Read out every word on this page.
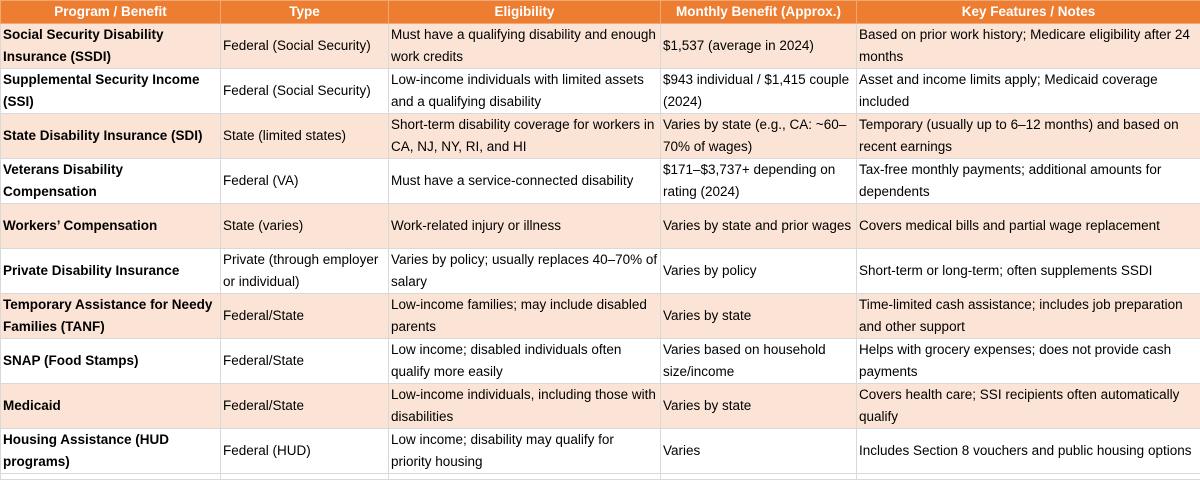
Program / Benefit	Type	Eligibility	Monthly Benefit (Approx.)	Key Features / Notes
Social Security Disability Insurance (SSDI)	Federal (Social Security)	Must have a qualifying disability and enough work credits	$1,537 (average in 2024)	Based on prior work history; Medicare eligibility after 24 months
Supplemental Security Income (SSI)	Federal (Social Security)	Low-income individuals with limited assets and a qualifying disability	$943 individual / $1,415 couple (2024)	Asset and income limits apply; Medicaid coverage included
State Disability Insurance (SDI)	State (limited states)	Short-term disability coverage for workers in CA, NJ, NY, RI, and HI	Varies by state (e.g., CA: ~60–70% of wages)	Temporary (usually up to 6–12 months) and based on recent earnings
Veterans Disability Compensation	Federal (VA)	Must have a service-connected disability	$171–$3,737+ depending on rating (2024)	Tax-free monthly payments; additional amounts for dependents
Workers’ Compensation	State (varies)	Work-related injury or illness	Varies by state and prior wages	Covers medical bills and partial wage replacement
Private Disability Insurance	Private (through employer or individual)	Varies by policy; usually replaces 40–70% of salary	Varies by policy	Short-term or long-term; often supplements SSDI
Temporary Assistance for Needy Families (TANF)	Federal/State	Low-income families; may include disabled parents	Varies by state	Time-limited cash assistance; includes job preparation and other support
SNAP (Food Stamps)	Federal/State	Low income; disabled individuals often qualify more easily	Varies based on household size/income	Helps with grocery expenses; does not provide cash payments
Medicaid	Federal/State	Low-income individuals, including those with disabilities	Varies by state	Covers health care; SSI recipients often automatically qualify
Housing Assistance (HUD programs)	Federal (HUD)	Low income; disability may qualify for priority housing	Varies	Includes Section 8 vouchers and public housing options
